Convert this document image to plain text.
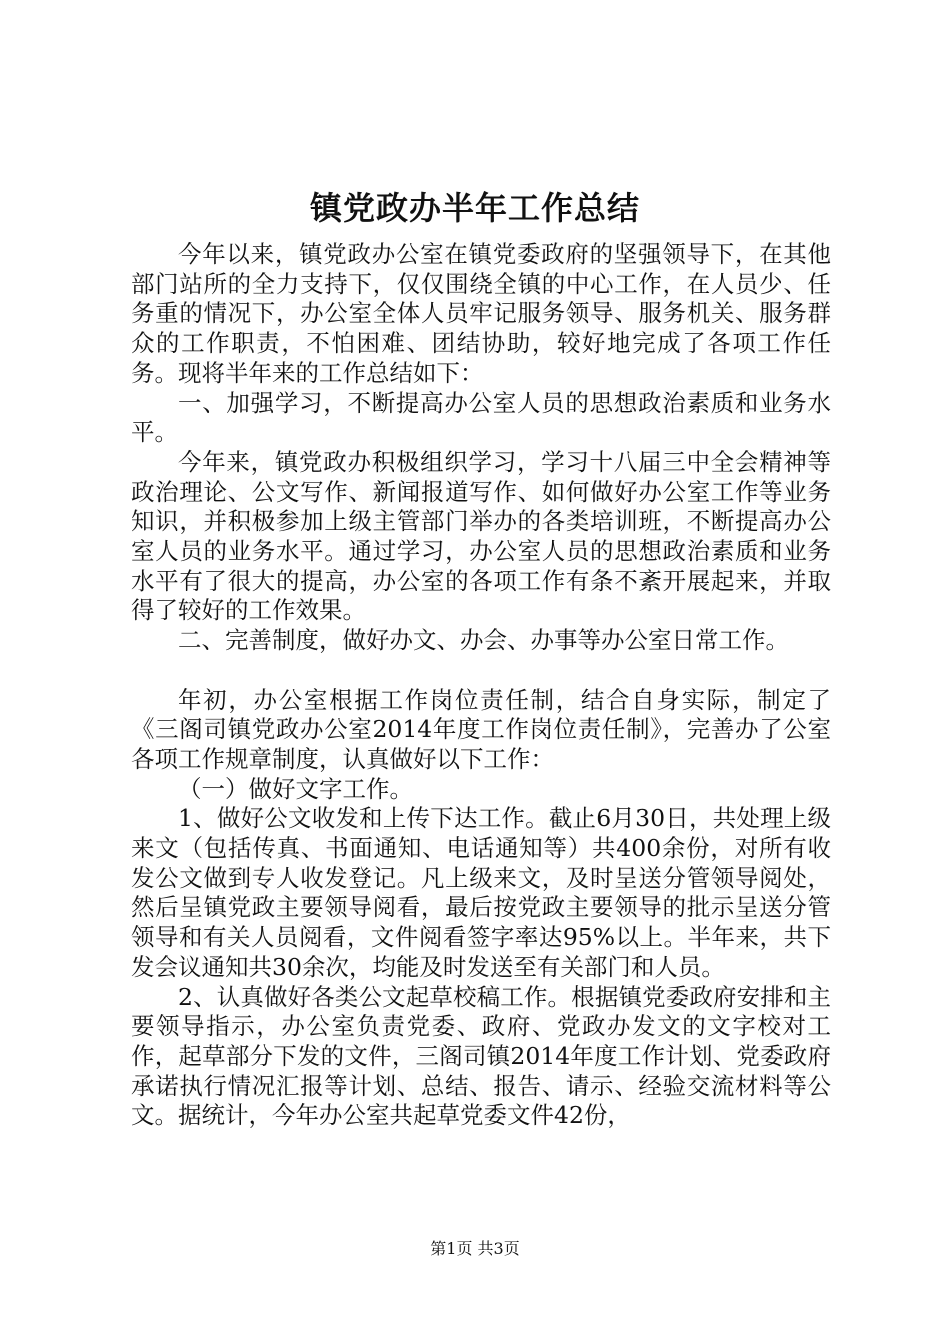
镇党政办半年工作总结

今年以来，镇党政办公室在镇党委政府的坚强领导下，在其他部门站所的全力支持下，仅仅围绕全镇的中心工作，在人员少、任务重的情况下，办公室全体人员牢记服务领导、服务机关、服务群众的工作职责，不怕困难、团结协助，较好地完成了各项工作任务。现将半年来的工作总结如下：

一、加强学习，不断提高办公室人员的思想政治素质和业务水平。

今年来，镇党政办积极组织学习，学习十八届三中全会精神等政治理论、公文写作、新闻报道写作、如何做好办公室工作等业务知识，并积极参加上级主管部门举办的各类培训班，不断提高办公室人员的业务水平。通过学习，办公室人员的思想政治素质和业务水平有了很大的提高，办公室的各项工作有条不紊开展起来，并取得了较好的工作效果。

二、完善制度，做好办文、办会、办事等办公室日常工作。

年初，办公室根据工作岗位责任制，结合自身实际，制定了《三阁司镇党政办公室2014年度工作岗位责任制》，完善办了公室各项工作规章制度，认真做好以下工作：

（一）做好文字工作。

1、做好公文收发和上传下达工作。截止6月30日，共处理上级来文（包括传真、书面通知、电话通知等）共400余份，对所有收发公文做到专人收发登记。凡上级来文，及时呈送分管领导阅处，然后呈镇党政主要领导阅看，最后按党政主要领导的批示呈送分管领导和有关人员阅看，文件阅看签字率达95%以上。半年来，共下发会议通知共30余次，均能及时发送至有关部门和人员。

2、认真做好各类公文起草校稿工作。根据镇党委政府安排和主要领导指示，办公室负责党委、政府、党政办发文的文字校对工作，起草部分下发的文件，三阁司镇2014年度工作计划、党委政府承诺执行情况汇报等计划、总结、报告、请示、经验交流材料等公文。据统计，今年办公室共起草党委文件42份，

第1页 共3页
